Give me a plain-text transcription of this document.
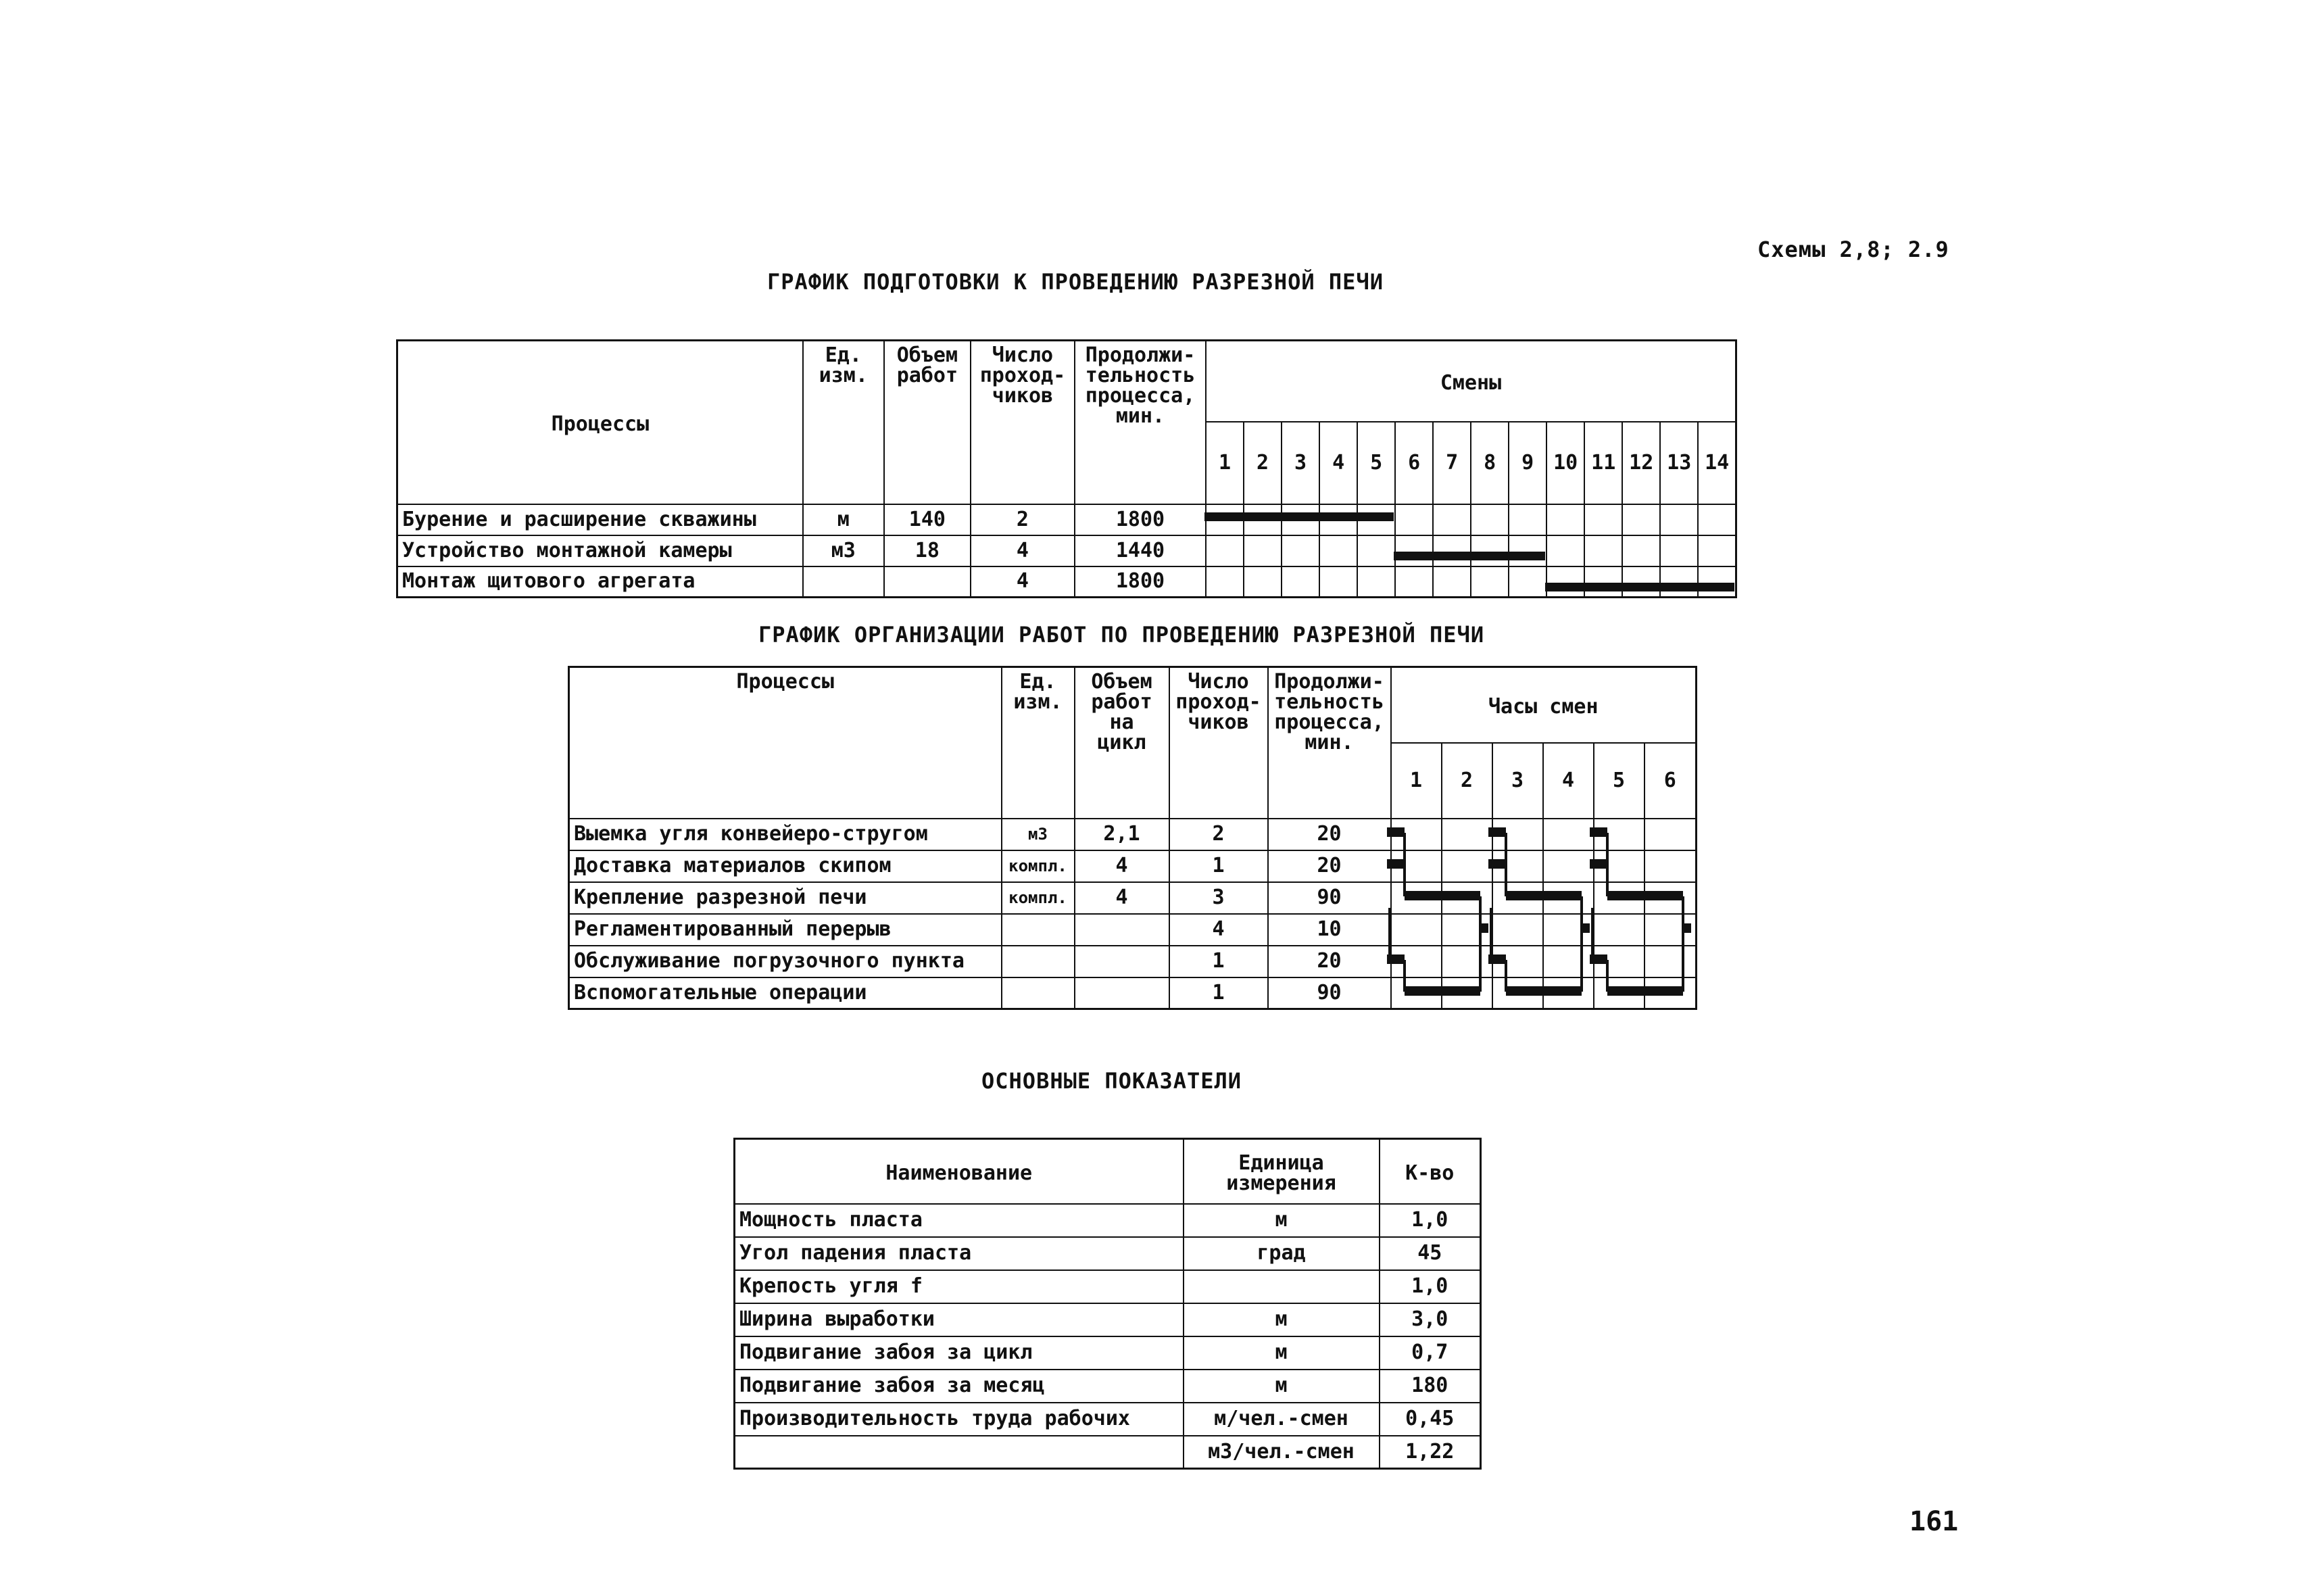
Схемы 2,8; 2.9
ГРАФИК ПОДГОТОВКИ К ПРОВЕДЕНИЮ РАЗРЕЗНОЙ ПЕЧИ
Процессы	Ед. изм.	Объем работ	Число проход- чиков	Продолжи- тельность процесса, мин.	Смены													
					1	2	3	4	5	6	7	8	9	10	11	12	13	14
Бурение и расширение скважины	м	140	2	1800														
Устройство монтажной камеры	м3	18	4	1440														
Монтаж щитового агрегата			4	1800														
ГРАФИК ОРГАНИЗАЦИИ РАБОТ ПО ПРОВЕДЕНИЮ РАЗРЕЗНОЙ ПЕЧИ
Процессы	Ед. изм.	Объем работ на цикл	Число проход- чиков	Продолжи- тельность процесса, мин.	Часы смен					
					1	2	3	4	5	6
Выемка угля конвейеро-стругом	м3	2,1	2	20						
Доставка материалов скипом	компл.	4	1	20						
Крепление разрезной печи	компл.	4	3	90						
Регламентированный перерыв			4	10						
Обслуживание погрузочного пункта			1	20						
Вспомогательные операции			1	90						
ОСНОВНЫЕ ПОКАЗАТЕЛИ
Наименование	Единица измерения	К-во
Мощность пласта	м	1,0
Угол падения пласта	град	45
Крепость угля f		1,0
Ширина выработки	м	3,0
Подвигание забоя за цикл	м	0,7
Подвигание забоя за месяц	м	180
Производительность труда рабочих	м/чел.-смен	0,45
	м3/чел.-смен	1,22
161
